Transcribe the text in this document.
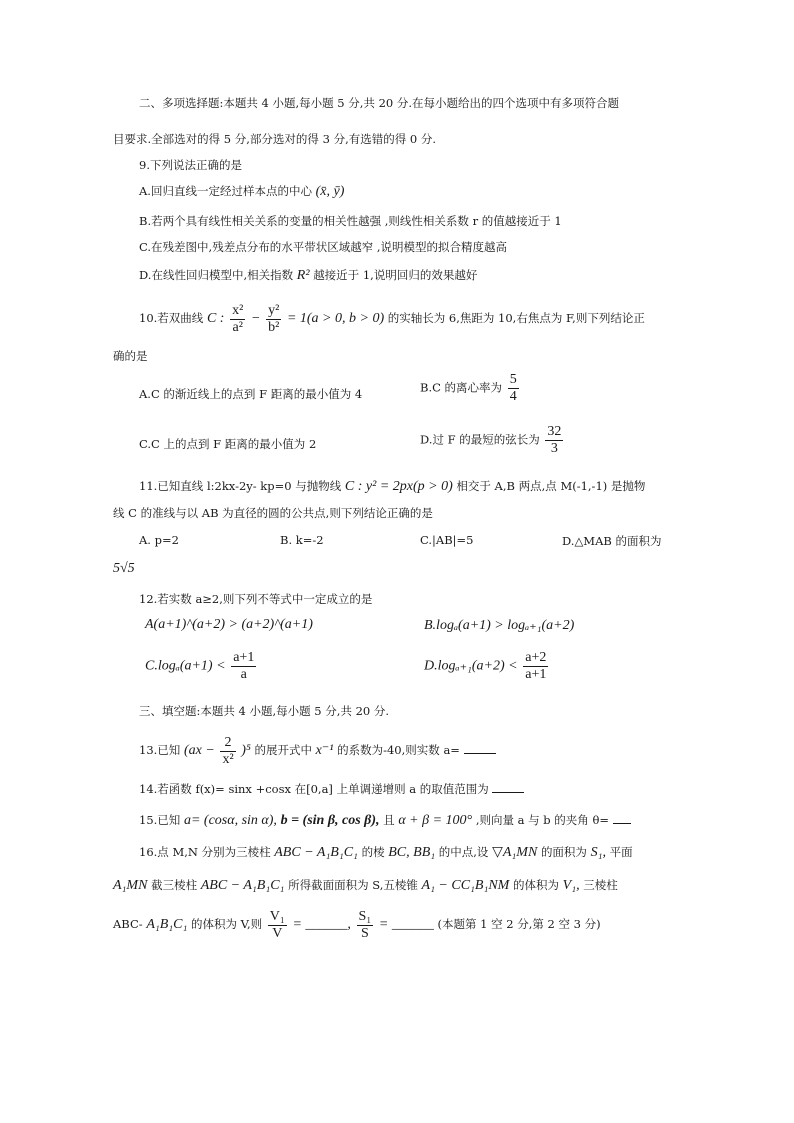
二、多项选择题:本题共 4 小题,每小题 5 分,共 20 分.在每小题给出的四个选项中有多项符合题
目要求.全部选对的得 5 分,部分选对的得 3 分,有选错的得 0 分.
9.下列说法正确的是
A.回归直线一定经过样本点的中心 (x̄, ȳ)
B.若两个具有线性相关关系的变量的相关性越强 ,则线性相关系数 r 的值越接近于 1
C.在残差图中,残差点分布的水平带状区域越窄 ,说明模型的拟合精度越高
D.在线性回归模型中,相关指数 R² 越接近于 1,说明回归的效果越好
10.若双曲线 C : $\frac{\text{x²}}{\text{a²}} - \frac{\text{y²}}{\text{b²}} = 1(a > 0$, b > 0) 的实轴长为 6,焦距为 10,右焦点为 F,则下列结论正
确的是
A.C 的渐近线上的点到 F 距离的最小值为 4	B.C 的离心率为 $\frac{5}{4}$
C.C 上的点到 F 距离的最小值为 2	D.过 F 的最短的弦长为 $\frac{32}{3}$
11.已知直线 l:2kx-2y- kp=0 与抛物线 C : y² = 2px(p > 0) 相交于 A,B 两点,点 M(-1,-1) 是抛物
线 C 的准线与以 AB 为直径的圆的公共点,则下列结论正确的是
A. p=2	B. k=-2	C.|AB|=5	D.△MAB 的面积为
5√5
12.若实数 a≥2,则下列不等式中一定成立的是
A(a+1)^(a+2) > (a+2)^(a+1)	B.logₐ(a+1) > logₐ₊₁(a+2)
$C.\log_a(a+1) < \frac{a+1}{a}$	$D.\log_{a+1}(a+2) < \frac{a+2}{a+1}$
三、填空题:本题共 4 小题,每小题 5 分,共 20 分.
13.已知 $(ax - \frac{2}{\text{x²}} )^5$ 的展开式中 x⁻¹ 的系数为-40,则实数 a=
14.若函数 f(x)= sinx +cosx 在[0,a] 上单调递增则 a 的取值范围为
15.已知 a= (cosα, sin α), b = (sin β, cos β), 且 α + β = 100° ,则向量 a 与 b 的夹角 θ=
16.点 M,N 分别为三棱柱 ABC − A₁B₁C₁ 的棱 BC, BB₁ 的中点,设 ▽A₁MN 的面积为 S₁, 平面
A₁MN 截三棱柱 ABC − A₁B₁C₁ 所得截面面积为 S,五棱锥 A₁ − CC₁B₁NM 的体积为 V₁, 三棱柱
ABC- A₁B₁C₁ 的体积为 V,则 $\frac{\text{V₁}}{V}$ = ______, $\frac{\text{S₁}}{S}$ = ______ (本题第 1 空 2 分,第 2 空 3 分)
